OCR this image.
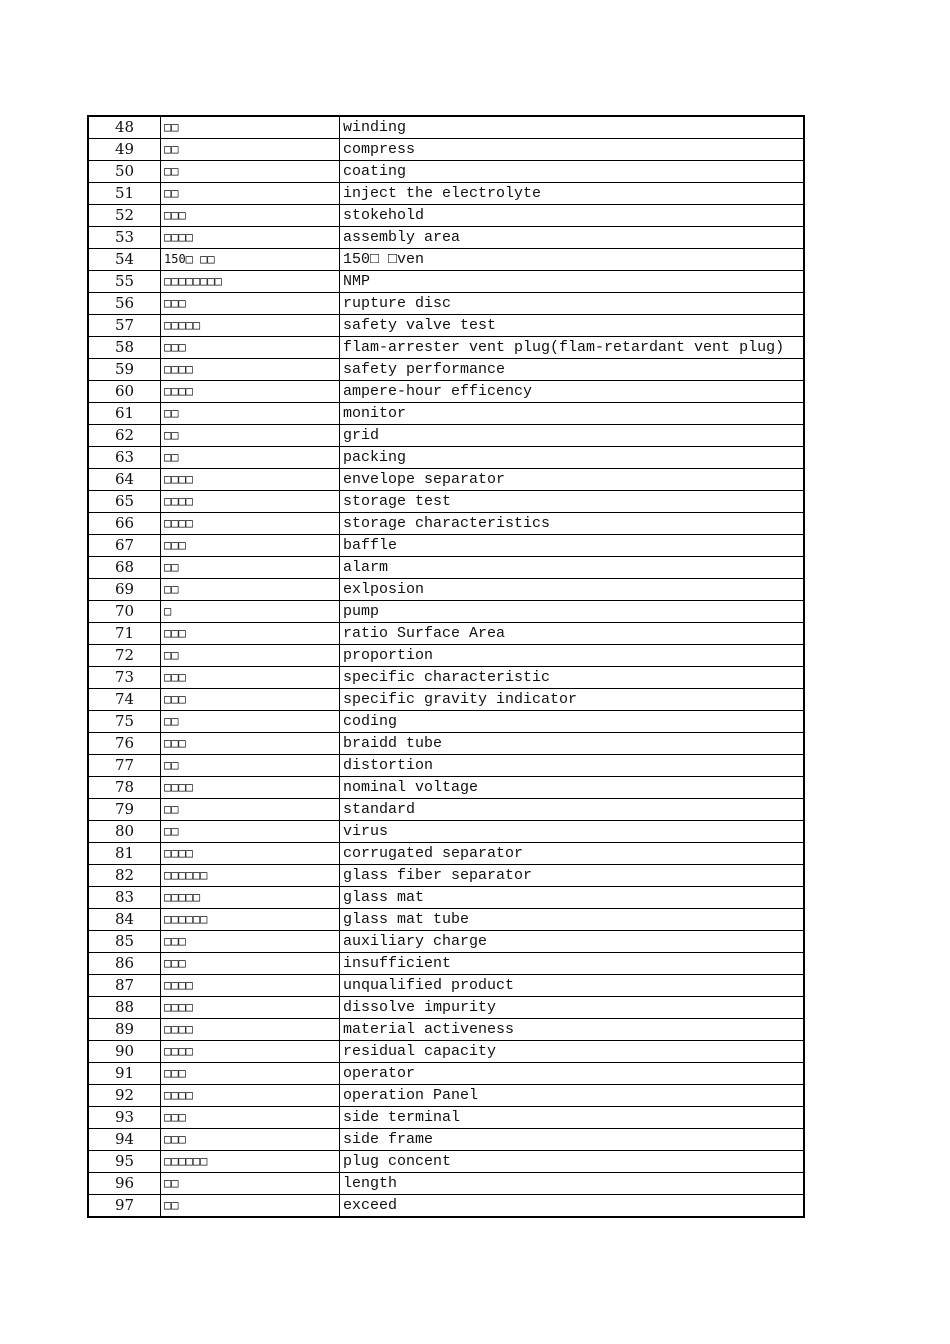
48	□□	winding
49	□□	compress
50	□□	coating
51	□□	inject the electrolyte
52	□□□	stokehold
53	□□□□	assembly area
54	150□ □□	150□ □ven
55	□□□□□□□□	NMP
56	□□□	rupture disc
57	□□□□□	safety valve test
58	□□□	flam-arrester vent plug(flam-retardant vent plug)
59	□□□□	safety performance
60	□□□□	ampere-hour efficency
61	□□	monitor
62	□□	grid
63	□□	packing
64	□□□□	envelope separator
65	□□□□	storage test
66	□□□□	storage characteristics
67	□□□	baffle
68	□□	alarm
69	□□	exlposion
70	□	pump
71	□□□	ratio Surface Area
72	□□	proportion
73	□□□	specific characteristic
74	□□□	specific gravity indicator
75	□□	coding
76	□□□	braidd tube
77	□□	distortion
78	□□□□	nominal voltage
79	□□	standard
80	□□	virus
81	□□□□	corrugated separator
82	□□□□□□	glass fiber separator
83	□□□□□	glass mat
84	□□□□□□	glass mat tube
85	□□□	auxiliary charge
86	□□□	insufficient
87	□□□□	unqualified product
88	□□□□	dissolve impurity
89	□□□□	material activeness
90	□□□□	residual capacity
91	□□□	operator
92	□□□□	operation Panel
93	□□□	side terminal
94	□□□	side frame
95	□□□□□□	plug concent
96	□□	length
97	□□	exceed
